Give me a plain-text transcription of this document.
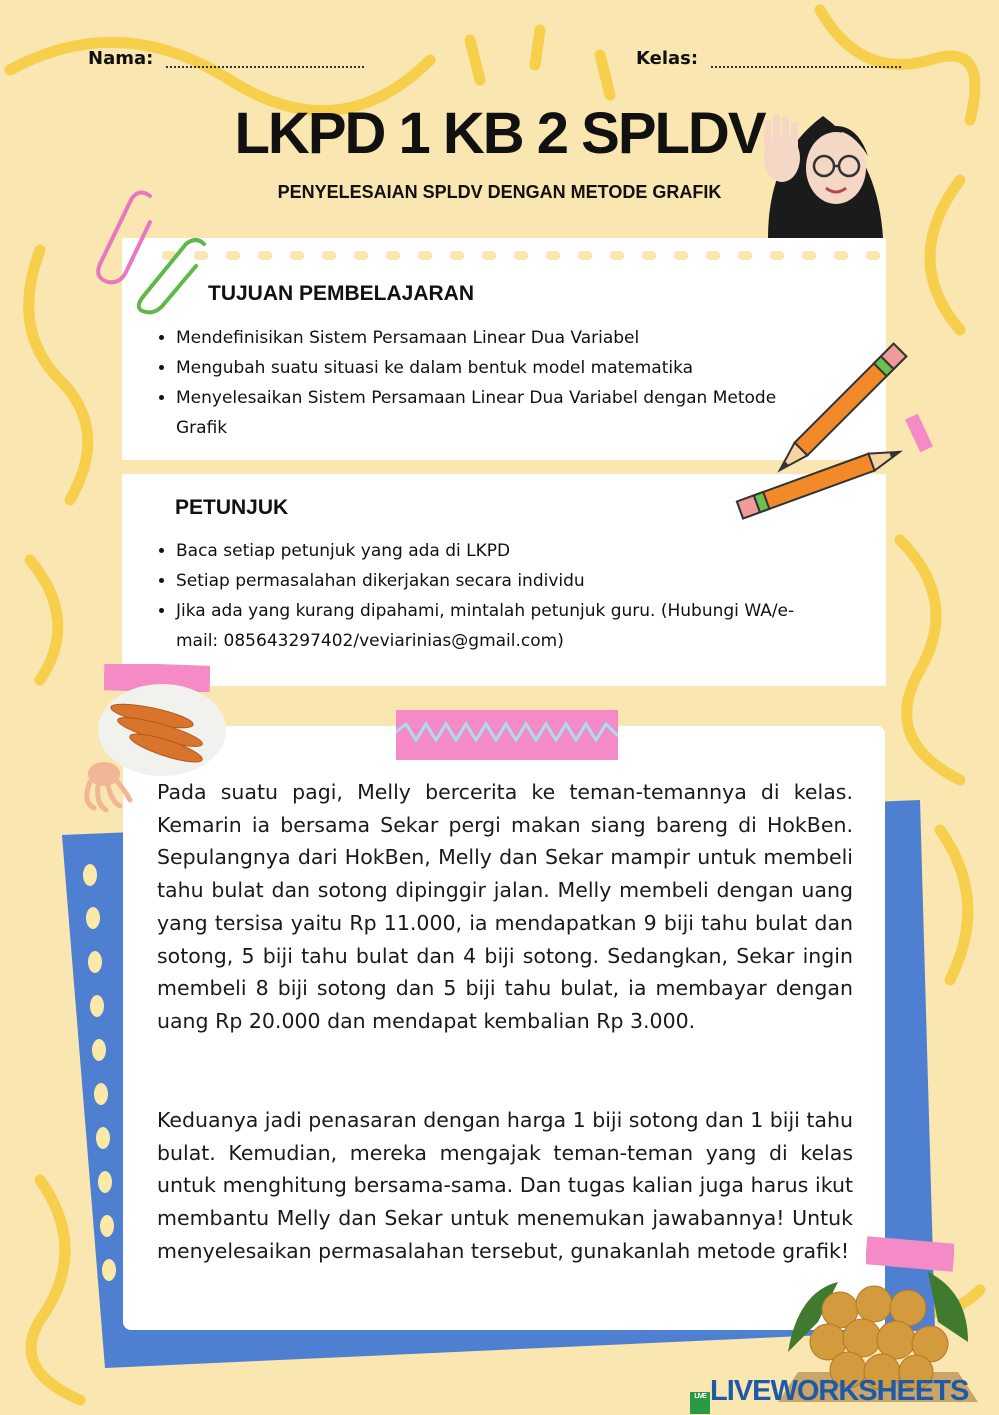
Nama:	Kelas:
LKPD 1 KB 2 SPLDV
PENYELESAIAN SPLDV DENGAN METODE GRAFIK
TUJUAN PEMBELAJARAN
• Mendefinisikan Sistem Persamaan Linear Dua Variabel
• Mengubah suatu situasi ke dalam bentuk model matematika
• Menyelesaikan Sistem Persamaan Linear Dua Variabel dengan Metode Grafik
PETUNJUK
• Baca setiap petunjuk yang ada di LKPD
• Setiap permasalahan dikerjakan secara individu
• Jika ada yang kurang dipahami, mintalah petunjuk guru. (Hubungi WA/e-mail: 085643297402/veviarinias@gmail.com)
Pada suatu pagi, Melly bercerita ke teman-temannya di kelas. Kemarin ia bersama Sekar pergi makan siang bareng di HokBen. Sepulangnya dari HokBen, Melly dan Sekar mampir untuk membeli tahu bulat dan sotong dipinggir jalan. Melly membeli dengan uang yang tersisa yaitu Rp 11.000, ia mendapatkan 9 biji tahu bulat dan sotong, 5 biji tahu bulat dan 4 biji sotong. Sedangkan, Sekar ingin membeli 8 biji sotong dan 5 biji tahu bulat, ia membayar dengan uang Rp 20.000 dan mendapat kembalian Rp 3.000.
Keduanya jadi penasaran dengan harga 1 biji sotong dan 1 biji tahu bulat. Kemudian, mereka mengajak teman-teman yang di kelas untuk menghitung bersama-sama. Dan tugas kalian juga harus ikut membantu Melly dan Sekar untuk menemukan jawabannya! Untuk menyelesaikan permasalahan tersebut, gunakanlah metode grafik!
LIVE LIVEWORKSHEETS
